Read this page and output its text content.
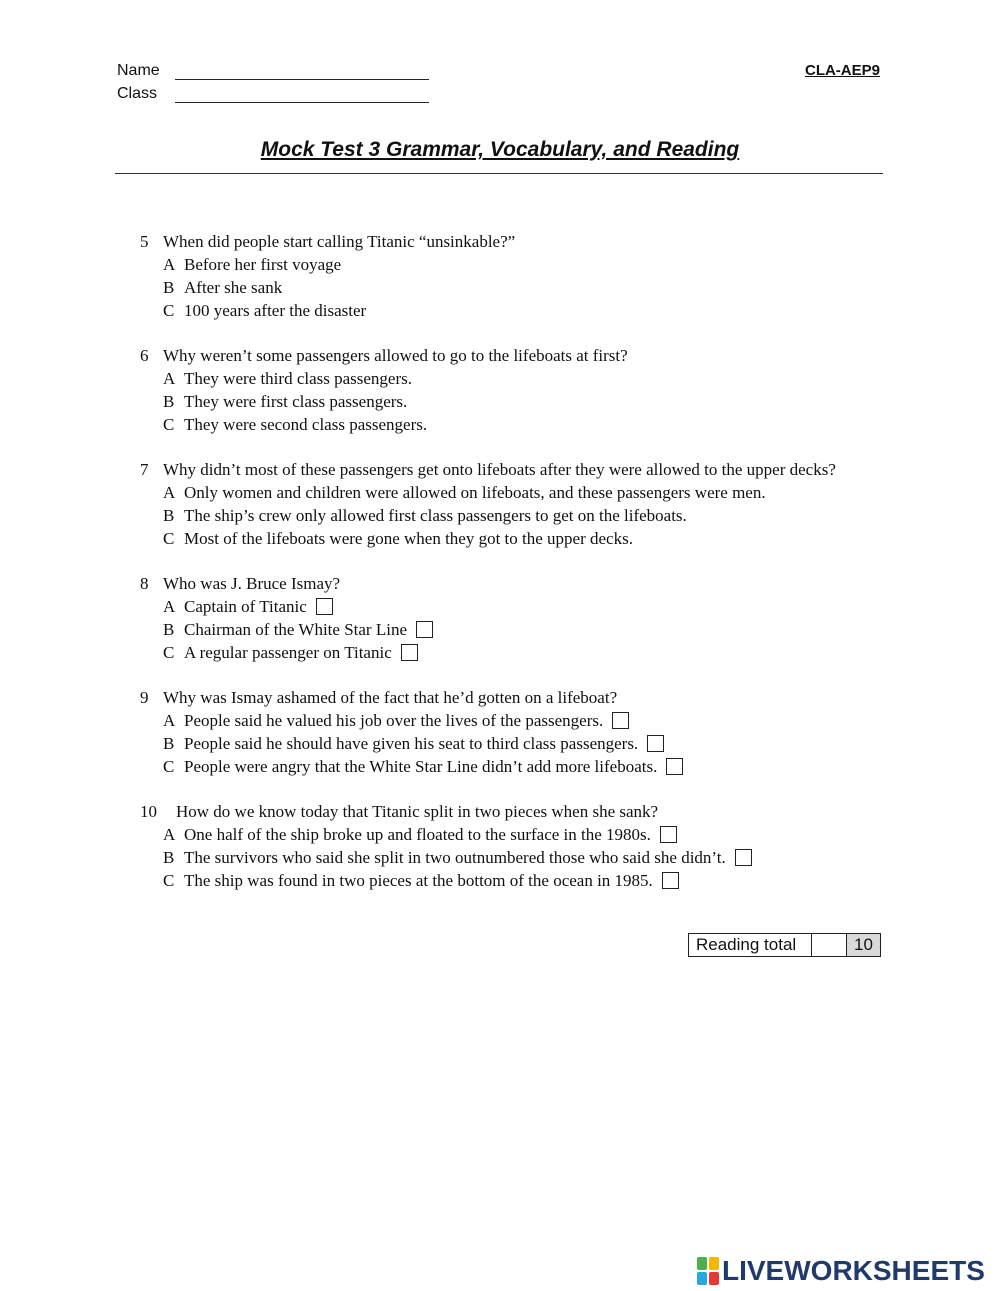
Name
Class
CLA-AEP9
Mock Test 3 Grammar, Vocabulary, and Reading
5 When did people start calling Titanic “unsinkable?”
A Before her first voyage
B After she sank
C 100 years after the disaster
6 Why weren’t some passengers allowed to go to the lifeboats at first?
A They were third class passengers.
B They were first class passengers.
C They were second class passengers.
7 Why didn’t most of these passengers get onto lifeboats after they were allowed to the upper decks?
A Only women and children were allowed on lifeboats, and these passengers were men.
B The ship’s crew only allowed first class passengers to get on the lifeboats.
C Most of the lifeboats were gone when they got to the upper decks.
8 Who was J. Bruce Ismay?
A Captain of Titanic
B Chairman of the White Star Line
C A regular passenger on Titanic
9 Why was Ismay ashamed of the fact that he’d gotten on a lifeboat?
A People said he valued his job over the lives of the passengers.
B People said he should have given his seat to third class passengers.
C People were angry that the White Star Line didn’t add more lifeboats.
10 How do we know today that Titanic split in two pieces when she sank?
A One half of the ship broke up and floated to the surface in the 1980s.
B The survivors who said she split in two outnumbered those who said she didn’t.
C The ship was found in two pieces at the bottom of the ocean in 1985.
Reading total	10
LIVEWORKSHEETS
